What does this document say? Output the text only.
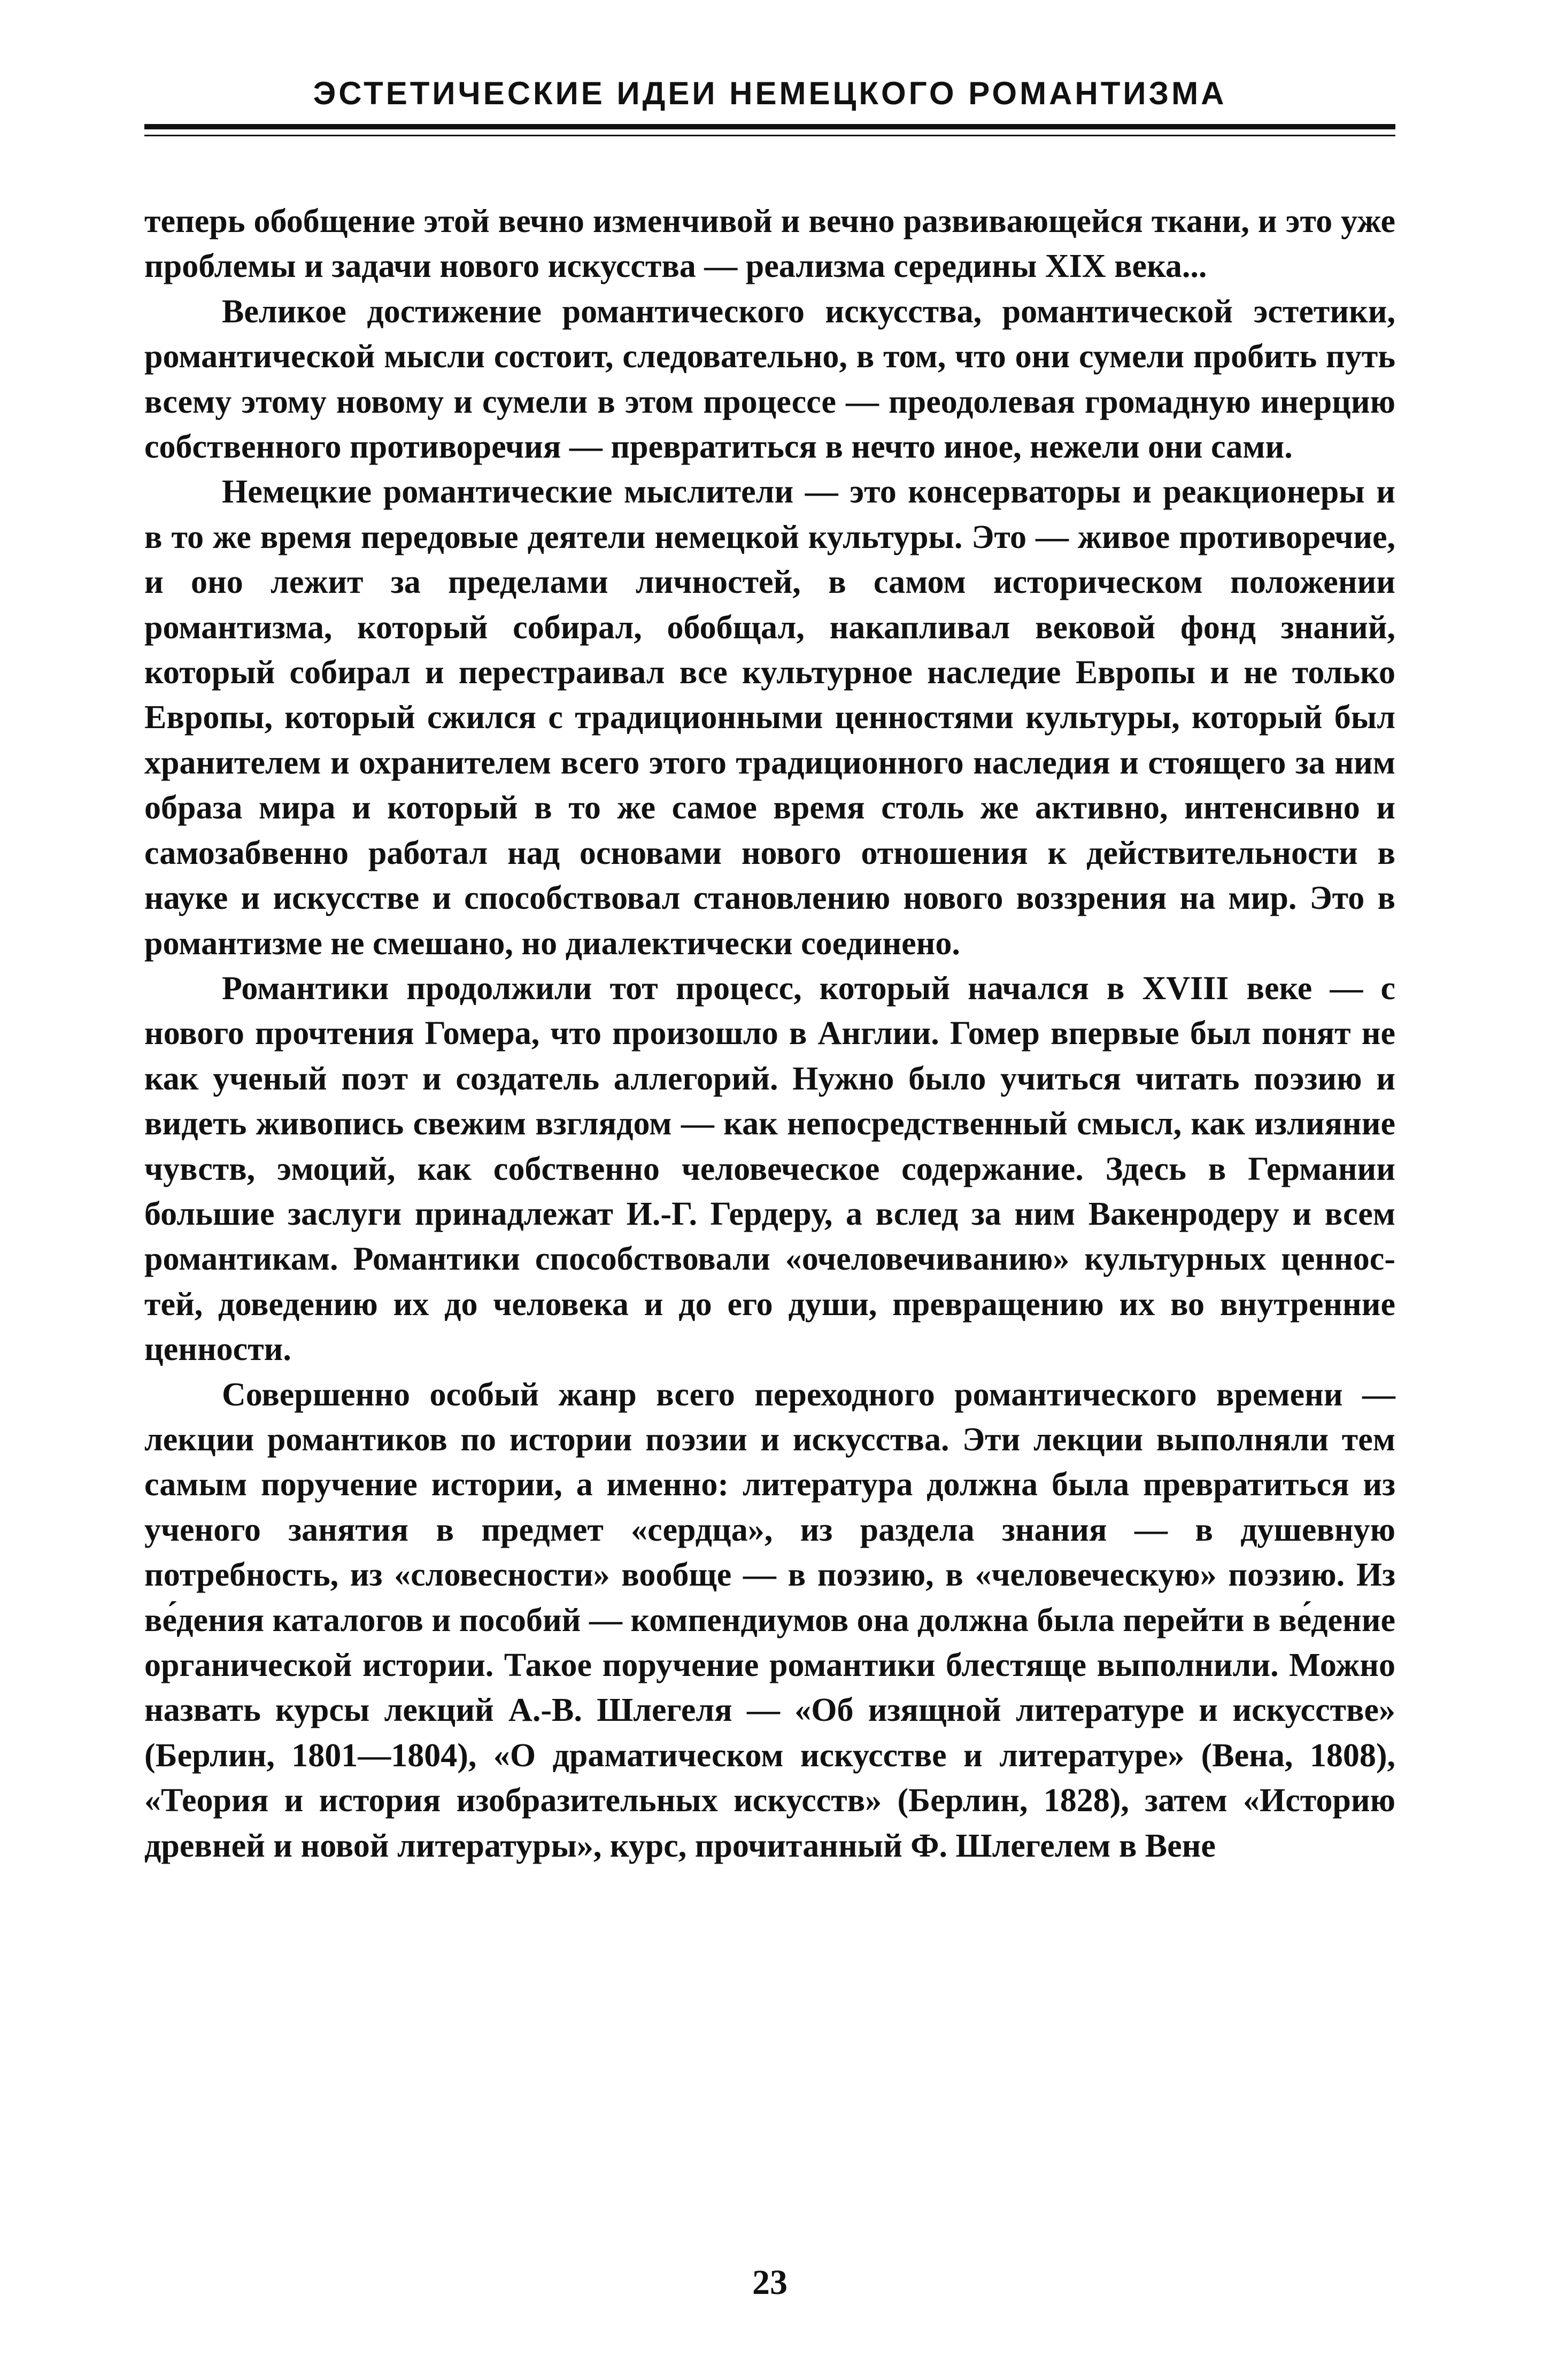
ЭСТЕТИЧЕСКИЕ ИДЕИ НЕМЕЦКОГО РОМАНТИЗМА

теперь обобщение этой вечно изменчивой и вечно развивающейся ткани, и это уже проблемы и задачи нового искусства — реализма середины XIX века...

Великое достижение романтического искусства, романтической эстетики, романтической мысли состоит, следовательно, в том, что они сумели пробить путь всему этому новому и сумели в этом процессе — преодолевая громадную инерцию собственного противоречия — превратиться в нечто иное, нежели они сами.

Немецкие романтические мыслители — это консерваторы и реакционеры и в то же время передовые деятели немецкой культуры. Это — живое противоречие, и оно лежит за пределами личностей, в самом историческом положении романтизма, который собирал, обобщал, накапливал вековой фонд знаний, который собирал и перестраивал все культурное наследие Европы и не только Европы, который сжился с традиционными ценностями культуры, который был хранителем и охранителем всего этого традиционного наследия и стоящего за ним образа мира и который в то же самое время столь же активно, интенсивно и самозабвенно работал над основами нового отношения к действительности в науке и искусстве и способствовал становлению нового воззрения на мир. Это в романтизме не смешано, но диалектически соединено.

Романтики продолжили тот процесс, который начался в XVIII веке — с нового прочтения Гомера, что произошло в Англии. Гомер впервые был понят не как ученый поэт и создатель аллегорий. Нужно было учиться читать поэзию и видеть живопись свежим взглядом — как непосредственный смысл, как излияние чувств, эмоций, как собственно человеческое содержание. Здесь в Германии большие заслуги принадлежат И.-Г. Гердеру, а вслед за ним Вакенродеру и всем романтикам. Романтики способствовали «очеловечиванию» культурных ценностей, доведению их до человека и до его души, превращению их во внутренние ценности.

Совершенно особый жанр всего переходного романтического времени — лекции романтиков по истории поэзии и искусства. Эти лекции выполняли тем самым поручение истории, а именно: литература должна была превратиться из ученого занятия в предмет «сердца», из раздела знания — в душевную потребность, из «словесности» вообще — в поэзию, в «человеческую» поэзию. Из ве́дения каталогов и пособий — компендиумов она должна была перейти в ве́дение органической истории. Такое поручение романтики блестяще выполнили. Можно назвать курсы лекций А.-В. Шлегеля — «Об изящной литературе и искусстве» (Берлин, 1801—1804), «О драматическом искусстве и литературе» (Вена, 1808), «Теория и история изобразительных искусств» (Берлин, 1828), затем «Историю древней и новой литературы», курс, прочитанный Ф. Шлегелем в Вене

23
